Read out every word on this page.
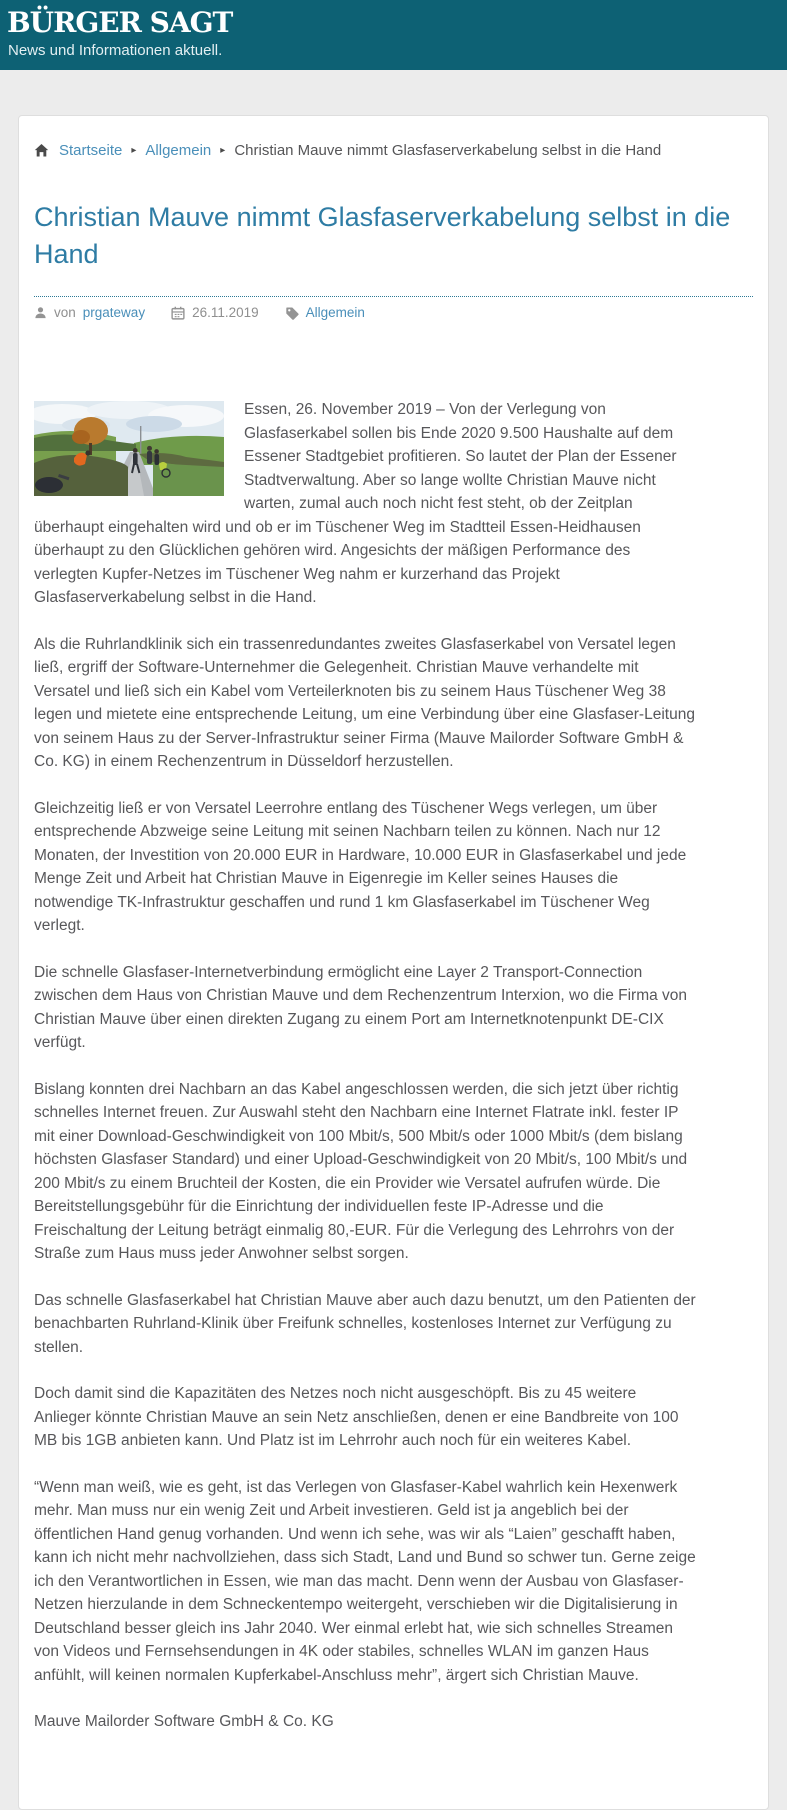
BÜRGER SAGT
News und Informationen aktuell.
Startseite ▸ Allgemein ▸ Christian Mauve nimmt Glasfaserverkabelung selbst in die Hand
Christian Mauve nimmt Glasfaserverkabelung selbst in die Hand
von prgateway	26.11.2019	Allgemein

Essen, 26. November 2019 – Von der Verlegung von Glasfaserkabel sollen bis Ende 2020 9.500 Haushalte auf dem Essener Stadtgebiet profitieren. So lautet der Plan der Essener Stadtverwaltung. Aber so lange wollte Christian Mauve nicht warten, zumal auch noch nicht fest steht, ob der Zeitplan überhaupt eingehalten wird und ob er im Tüschener Weg im Stadtteil Essen-Heidhausen überhaupt zu den Glücklichen gehören wird. Angesichts der mäßigen Performance des verlegten Kupfer-Netzes im Tüschener Weg nahm er kurzerhand das Projekt Glasfaserverkabelung selbst in die Hand.

Als die Ruhrlandklinik sich ein trassenredundantes zweites Glasfaserkabel von Versatel legen ließ, ergriff der Software-Unternehmer die Gelegenheit. Christian Mauve verhandelte mit Versatel und ließ sich ein Kabel vom Verteilerknoten bis zu seinem Haus Tüschener Weg 38 legen und mietete eine entsprechende Leitung, um eine Verbindung über eine Glasfaser-Leitung von seinem Haus zu der Server-Infrastruktur seiner Firma (Mauve Mailorder Software GmbH & Co. KG) in einem Rechenzentrum in Düsseldorf herzustellen.

Gleichzeitig ließ er von Versatel Leerrohre entlang des Tüschener Wegs verlegen, um über entsprechende Abzweige seine Leitung mit seinen Nachbarn teilen zu können. Nach nur 12 Monaten, der Investition von 20.000 EUR in Hardware, 10.000 EUR in Glasfaserkabel und jede Menge Zeit und Arbeit hat Christian Mauve in Eigenregie im Keller seines Hauses die notwendige TK-Infrastruktur geschaffen und rund 1 km Glasfaserkabel im Tüschener Weg verlegt.

Die schnelle Glasfaser-Internetverbindung ermöglicht eine Layer 2 Transport-Connection zwischen dem Haus von Christian Mauve und dem Rechenzentrum Interxion, wo die Firma von Christian Mauve über einen direkten Zugang zu einem Port am Internetknotenpunkt DE-CIX verfügt.

Bislang konnten drei Nachbarn an das Kabel angeschlossen werden, die sich jetzt über richtig schnelles Internet freuen. Zur Auswahl steht den Nachbarn eine Internet Flatrate inkl. fester IP mit einer Download-Geschwindigkeit von 100 Mbit/s, 500 Mbit/s oder 1000 Mbit/s (dem bislang höchsten Glasfaser Standard) und einer Upload-Geschwindigkeit von 20 Mbit/s, 100 Mbit/s und 200 Mbit/s zu einem Bruchteil der Kosten, die ein Provider wie Versatel aufrufen würde. Die Bereitstellungsgebühr für die Einrichtung der individuellen feste IP-Adresse und die Freischaltung der Leitung beträgt einmalig 80,-EUR. Für die Verlegung des Lehrrohrs von der Straße zum Haus muss jeder Anwohner selbst sorgen.

Das schnelle Glasfaserkabel hat Christian Mauve aber auch dazu benutzt, um den Patienten der benachbarten Ruhrland-Klinik über Freifunk schnelles, kostenloses Internet zur Verfügung zu stellen.

Doch damit sind die Kapazitäten des Netzes noch nicht ausgeschöpft. Bis zu 45 weitere Anlieger könnte Christian Mauve an sein Netz anschließen, denen er eine Bandbreite von 100 MB bis 1GB anbieten kann. Und Platz ist im Lehrrohr auch noch für ein weiteres Kabel.

“Wenn man weiß, wie es geht, ist das Verlegen von Glasfaser-Kabel wahrlich kein Hexenwerk mehr. Man muss nur ein wenig Zeit und Arbeit investieren. Geld ist ja angeblich bei der öffentlichen Hand genug vorhanden. Und wenn ich sehe, was wir als “Laien” geschafft haben, kann ich nicht mehr nachvollziehen, dass sich Stadt, Land und Bund so schwer tun. Gerne zeige ich den Verantwortlichen in Essen, wie man das macht. Denn wenn der Ausbau von Glasfaser-Netzen hierzulande in dem Schneckentempo weitergeht, verschieben wir die Digitalisierung in Deutschland besser gleich ins Jahr 2040. Wer einmal erlebt hat, wie sich schnelles Streamen von Videos und Fernsehsendungen in 4K oder stabiles, schnelles WLAN im ganzen Haus anfühlt, will keinen normalen Kupferkabel-Anschluss mehr”, ärgert sich Christian Mauve.

Mauve Mailorder Software GmbH & Co. KG
